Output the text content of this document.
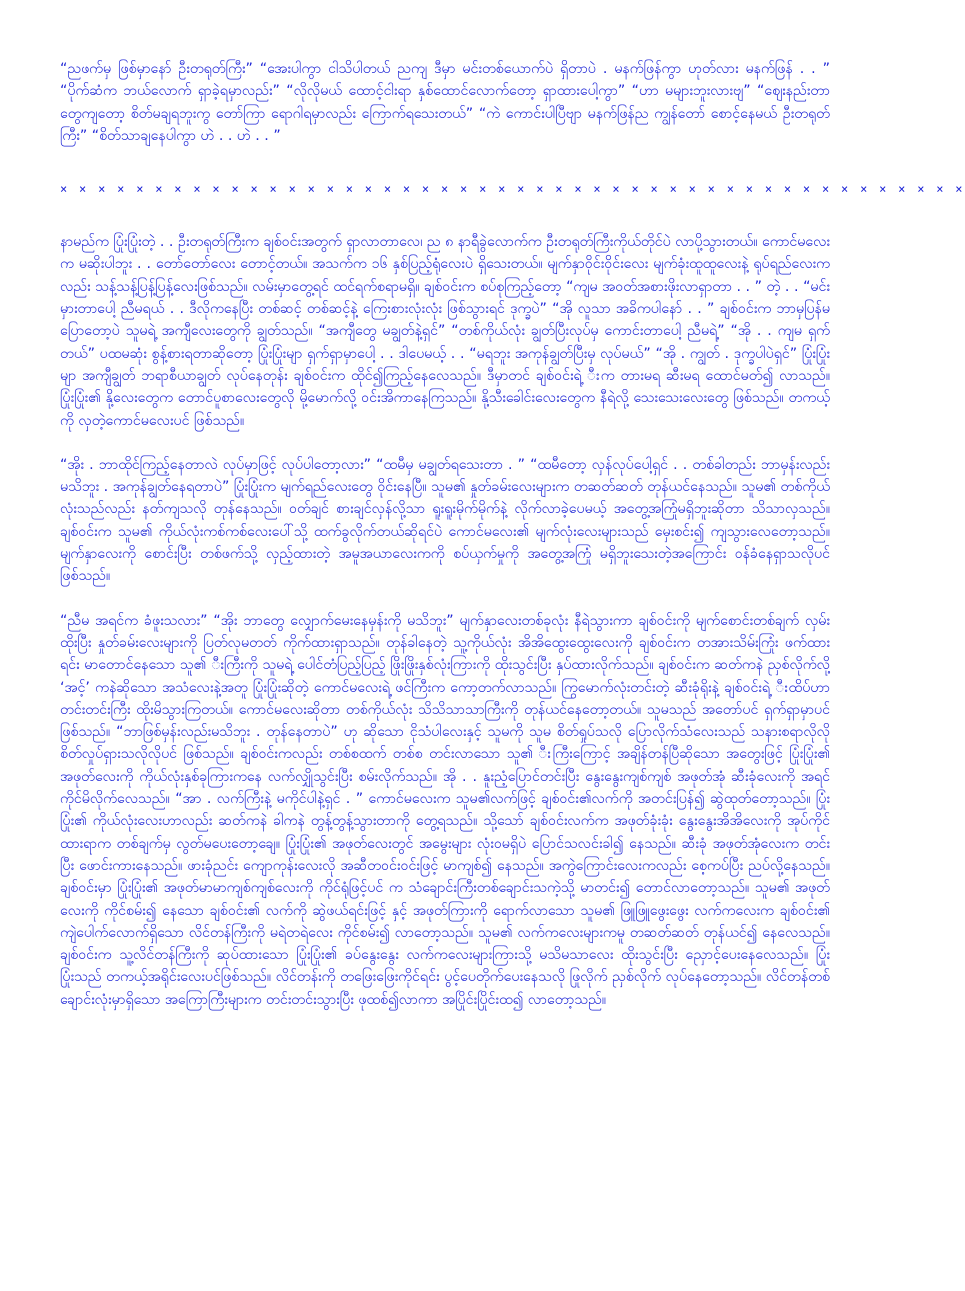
“ညဖက်မှ ဖြစ်မှာနော် ဦးတရုတ်ကြီး” “အေးပါကွာ ငါသိပါတယ် ညကျ ဒီမှာ မင်းတစ်ယောက်ပဲ ရှိတာပဲ . မနက်ဖြန်ကွာ ဟုတ်လား မနက်ဖြန် . . ” “ပိုက်ဆံက ဘယ်လောက် ရှာခဲ့ရမှာလည်း” “လိုလိုမယ် ထောင့်ငါးရာ နှစ်ထောင်လောက်တော့ ရှာထားပေါ့ကွာ” “ဟာ မများဘူးလားဗျ” “ဈေးနည်းတာတွေကျတော့ စိတ်မချရဘူးကွ တော်ကြာ ရောဂါရမှာလည်း ကြောက်ရသေးတယ်” “ကဲ ကောင်းပါပြီဗျာ မနက်ဖြန်ည ကျွန်တော် စောင့်နေမယ် ဦးတရုတ်ကြီး” “စိတ်သာချနေပါကွာ ဟဲ . . ဟဲ . . ”

× × × × × × × × × × × × × × × × × × × × × × × × × × × × × × × × × × × × × × × × × × × × × × × ×

နာမည်က ပြုံးပြုံးတဲ့ . . ဦးတရုတ်ကြီးက ချစ်ဝင်းအတွက် ရှာလာတာလေ၊ ည ၈ နာရီခွဲလောက်က ဦးတရုတ်ကြီးကိုယ်တိုင်ပဲ လာပို့သွားတယ်။ ကောင်မလေးက မဆိုးပါဘူး . . တော်တော်လေး တောင့်တယ်။ အသက်က ၁၆ နှစ်ပြည့်ရုံလေးပဲ ရှိသေးတယ်။ မျက်နှာဝိုင်းဝိုင်းလေး မျက်ခုံးထူထူလေးနဲ့ ရုပ်ရည်လေးကလည်း သန့်သန့်ပြန့်ပြန့်လေးဖြစ်သည်။ လမ်းမှာတွေ့ရင် ထင်ရက်စရာမရှိ။ ချစ်ဝင်းက စပ်စုကြည့်တော့ “ကျမ အဝတ်အစားဖိုးလာရှာတာ . . ” တဲ့ . . “မင်းမှားတာပေါ့ ညီမရယ် . . ဒီလိုကနေပြီး တစ်ဆင့် တစ်ဆင့်နဲ့ ကြေးစားလုံးလုံး ဖြစ်သွားရင် ဒုက္ခပဲ” “အို လူသာ အခိကပါနော် . . ” ချစ်ဝင်းက ဘာမှပြန်မပြောတော့ပဲ သူမရဲ့ အကျီလေးတွေကို ချွတ်သည်။ “အကျီတွေ မချွတ်နဲ့ရှင်” “တစ်ကိုယ်လုံး ချွတ်ပြီးလုပ်မှ ကောင်းတာပေါ့ ညီမရဲ့” “အို . . ကျမ ရှက်တယ်” ပထမဆုံး စွန့်စားရတာဆိုတော့ ပြုံးပြုံးမျာ ရှက်ရှာမှာပေါ့ . . ဒါပေမယ့် . . “မရဘူး အကုန်ချွတ်ပြီးမှ လုပ်မယ်” “အို . ကျွတ် . ဒုက္ခပါပဲရှင်” ပြုံးပြုံးမျာ အကျီချွတ် ဘရာစီယာချွတ် လုပ်နေတုန်း ချစ်ဝင်းက ထိုင်၍ကြည့်နေလေသည်။ ဒီမှာတင် ချစ်ဝင်းရဲ့ ီးက တားမရ ဆီးမရ ထောင်မတ်၍ လာသည်။ ပြုံးပြုံး၏ နို့လေးတွေက တောင်ပူစာလေးတွေလို မို့မောက်လို့ ဝင်းအိကာနေကြသည်။ နို့သီးခေါင်းလေးတွေက နီရဲလို့ သေးသေးလေးတွေ ဖြစ်သည်။ တကယ့်ကို လှတဲ့ကောင်မလေးပင် ဖြစ်သည်။

“အိုး . ဘာထိုင်ကြည့်နေတာလဲ လုပ်မှာဖြင့် လုပ်ပါတော့လား” “ထမီမှ မချွတ်ရသေးတာ . ” “ထမီတော့ လှန်လုပ်ပေါ့ရှင် . . တစ်ခါတည်း ဘာမှန်းလည်း မသိဘူး . အကုန်ချွတ်နေရတာပဲ” ပြုံးပြုံးက မျက်ရည်လေးတွေ ဝိုင်းနေပြီ။ သူမ၏ နှုတ်ခမ်းလေးများက တဆတ်ဆတ် တုန်ယင်နေသည်။ သူမ၏ တစ်ကိုယ်လုံးသည်လည်း နတ်ကျသလို တုန်နေသည်။ ဝတ်ချင် စားချင်လှန်လို့သာ ရူးရူးမိုက်မိုက်နဲ့ လိုက်လာခဲ့ပေမယ့် အတွေ့အကြုံမရှိဘူးဆိုတာ သိသာလှသည်။ ချစ်ဝင်းက သူမ၏ ကိုယ်လုံးကစ်ကစ်လေးပေါ်သို့ ထက်ခွလိုက်တယ်ဆိုရင်ပဲ ကောင်မလေး၏ မျက်လုံးလေးများသည် မှေးစင်း၍ ကျသွားလေတော့သည်။ မျက်နှာလေးကို စောင်းပြီး တစ်ဖက်သို့ လှည့်ထားတဲ့ အမူအယာလေးကကို စပ်ယှက်မှုကို အတွေ့အကြုံ မရှိဘူးသေးတဲ့အကြောင်း ဝန်ခံနေရှာသလိုပင်ဖြစ်သည်။

“ညီမ အရင်က ခံဖူးသလား” “အိုး ဘာတွေ လျှောက်မေးနေမှန်းကို မသိဘူး” မျက်နှာလေးတစ်ခုလုံး နီရဲသွားကာ ချစ်ဝင်းကို မျက်စောင်းတစ်ချက် လှမ်းထိုးပြီး နှုတ်ခမ်းလေးများကို ပြတ်လုမတတ် ကိုက်ထားရှာသည်။ တုန်ခါနေတဲ့ သူ့ကိုယ်လုံး အိအိထွေးထွေးလေးကို ချစ်ဝင်းက တအားသိမ်းကြုံး ဖက်ထားရင်း မာတောင်နေသော သူ၏ ီးကြီးကို သူမရဲ့ ပေါင်တံပြည့်ပြည့် ဖြိုးဖြိုးနှစ်လုံးကြားကို ထိုးသွင်းပြီး နှပ်ထားလိုက်သည်။ ချစ်ဝင်းက ဆတ်ကနဲ ညှစ်လိုက်လို့ ‘အင့်’ ကနဲဆိုသော အသံလေးနဲ့အတူ ပြုံးပြုံးဆိုတဲ့ ကောင်မလေးရဲ့ ဖင်ကြီးက ကော့တက်လာသည်။ ကြွမောက်လုံးတင်းတဲ့ ဆီးခုံရိုးနဲ့ ချစ်ဝင်းရဲ့ ီးထိပ်ဟာ တင်းတင်းကြီး ထိုးမိသွားကြတယ်။ ကောင်မလေးဆိုတာ တစ်ကိုယ်လုံး သိသိသာသာကြီးကို တုန်ယင်နေတော့တယ်။ သူမသည် အတော်ပင် ရှက်ရှာမှာပင် ဖြစ်သည်။ “ဘာဖြစ်မှန်းလည်းမသိဘူး . တုန်နေတာပဲ” ဟု ဆိုသော ငိုသံပါလေးနှင့် သူမကို သူမ စိတ်ရှုပ်သလို ပြောလိုက်သံလေးသည် သနားစရာလိုလို စိတ်လှုပ်ရှားသလိုလိုပင် ဖြစ်သည်။ ချစ်ဝင်းကလည်း တစ်စထက် တစ်စ တင်းလာသော သူ၏ ီးကြီးကြောင့် အချိန်တန်ပြီဆိုသော အတွေးဖြင့် ပြုံးပြုံး၏ အဖုတ်လေးကို ကိုယ်လုံးနှစ်ခုကြားကနေ လက်လျှိုသွင်းပြီး စမ်းလိုက်သည်။ အို . . နူးညံ့ပြောင်တင်းပြီး နွေးနွေးကျစ်ကျစ် အဖုတ်အုံ ဆီးခုံလေးကို အရင်ကိုင်မိလိုက်လေသည်။ “အာ . လက်ကြီးနဲ့ မကိုင်ပါနဲ့ရှင် . ” ကောင်မလေးက သူမ၏လက်ဖြင့် ချစ်ဝင်း၏လက်ကို အတင်းပြန်၍ ဆွဲထုတ်တော့သည်။ ပြုံးပြုံး၏ ကိုယ်လုံးလေးဟာလည်း ဆတ်ကနဲ ခါကနဲ တွန့်တွန့်သွားတာကို တွေ့ရသည်။ သို့သော် ချစ်ဝင်းလက်က အဖုတ်ခုံးခုံး နွေးနွေးအိအိလေးကို အုပ်ကိုင်ထားရာက တစ်ချက်မှ လွတ်မပေးတော့ချေ။ ပြုံးပြုံး၏ အဖုတ်လေးတွင် အမွေးများ လုံးဝမရှိပဲ ပြောင်သလင်းခါ၍ နေသည်။ ဆီးခုံ အဖုတ်အုံလေးက တင်းပြီး ဖောင်းကားနေသည်။ ဖားခုံညင်း ကျောကုန်းလေးလို အဆီတဝင်းဝင်းဖြင့် မာကျစ်၍ နေသည်။ အကွဲကြောင်းလေးကလည်း စေ့ကပ်ပြီး ညပ်လို့နေသည်။ ချစ်ဝင်းမှာ ပြုံးပြုံး၏ အဖုတ်မာမာကျစ်ကျစ်လေးကို ကိုင်ရုံဖြင့်ပင် က သံချောင်းကြီးတစ်ချောင်းသကဲ့သို့ မာတင်း၍ တောင်လာတော့သည်။ သူမ၏ အဖုတ်လေးကို ကိုင်စမ်း၍ နေသော ချစ်ဝင်း၏ လက်ကို ဆွဲဖယ်ရင်းဖြင့် နှင့် အဖုတ်ကြားကို ရောက်လာသော သူမ၏ ဖြူဖြူဖွေးဖွေး လက်ကလေးက ချစ်ဝင်း၏ ကျဲပေါက်လောက်ရှိသော လိင်တန်ကြီးကို မရဲတရဲလေး ကိုင်စမ်း၍ လာတော့သည်။ သူမ၏ လက်ကလေးများကမူ တဆတ်ဆတ် တုန်ယင်၍ နေလေသည်။ ချစ်ဝင်းက သူ့လိင်တန်ကြီးကို ဆုပ်ထားသော ပြုံးပြုံး၏ ခပ်နွေးနွေး လက်ကလေးများကြားသို့ မသိမသာလေး ထိုးသွင်းပြီး ညှောင့်ပေးနေလေသည်။ ပြုံးပြုံးသည် တကယ့်အရိုင်းလေးပင်ဖြစ်သည်။ လိင်တန်းကို တဖြေးဖြေးကိုင်ရင်း ပွင့်ပေတိုက်ပေးနေသလို ဖြုလိုက် ညှစ်လိုက် လုပ်နေတော့သည်။ လိင်တန်တစ်ချောင်းလုံးမှာရှိသော အကြောကြီးများက တင်းတင်းသွားပြီး ဖုထစ်၍လာကာ အပြိုင်းပြိုင်းထ၍ လာတော့သည်။
